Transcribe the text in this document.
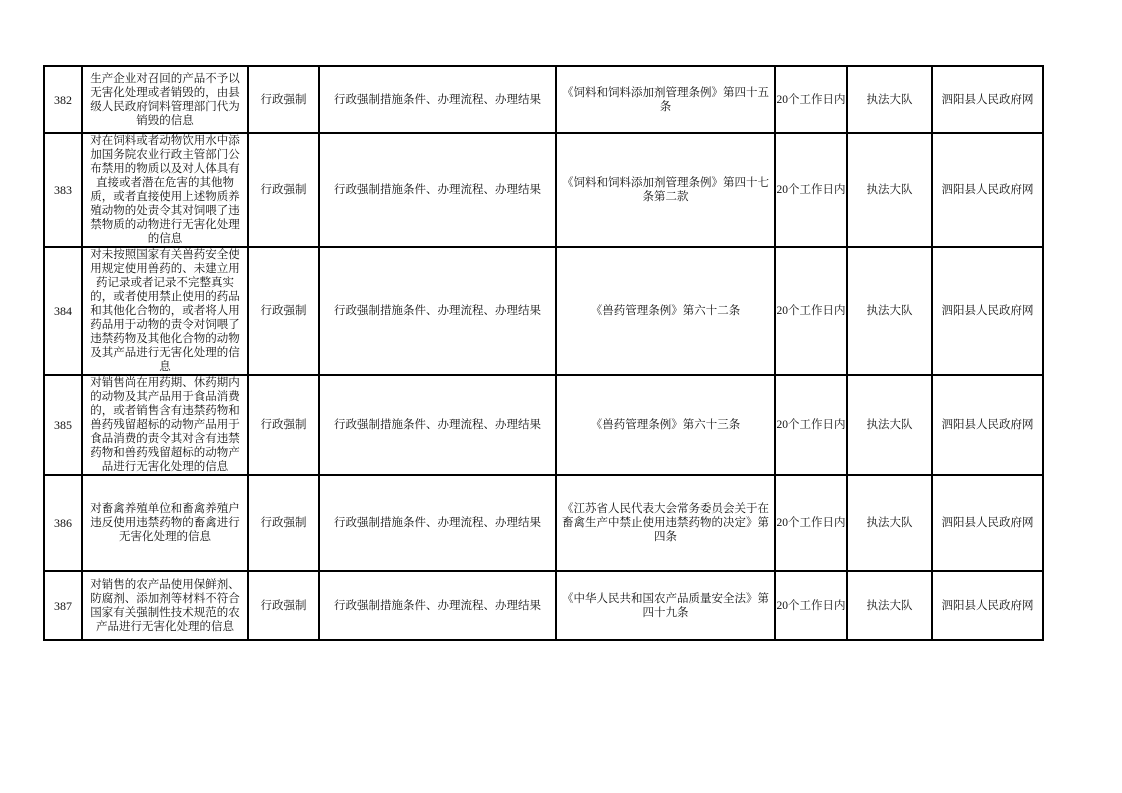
382	生产企业对召回的产品不予以无害化处理或者销毁的，由县级人民政府饲料管理部门代为销毁的信息	行政强制	行政强制措施条件、办理流程、办理结果	《饲料和饲料添加剂管理条例》第四十五条	20个工作日内	执法大队	泗阳县人民政府网
383	对在饲料或者动物饮用水中添加国务院农业行政主管部门公布禁用的物质以及对人体具有直接或者潜在危害的其他物质，或者直接使用上述物质养殖动物的处责令其对饲喂了违禁物质的动物进行无害化处理的信息	行政强制	行政强制措施条件、办理流程、办理结果	《饲料和饲料添加剂管理条例》第四十七条第二款	20个工作日内	执法大队	泗阳县人民政府网
384	对未按照国家有关兽药安全使用规定使用兽药的、未建立用药记录或者记录不完整真实的，或者使用禁止使用的药品和其他化合物的，或者将人用药品用于动物的责令对饲喂了违禁药物及其他化合物的动物及其产品进行无害化处理的信息	行政强制	行政强制措施条件、办理流程、办理结果	《兽药管理条例》第六十二条	20个工作日内	执法大队	泗阳县人民政府网
385	对销售尚在用药期、休药期内的动物及其产品用于食品消费的，或者销售含有违禁药物和兽药残留超标的动物产品用于食品消费的责令其对含有违禁药物和兽药残留超标的动物产品进行无害化处理的信息	行政强制	行政强制措施条件、办理流程、办理结果	《兽药管理条例》第六十三条	20个工作日内	执法大队	泗阳县人民政府网
386	对畜禽养殖单位和畜禽养殖户违反使用违禁药物的畜禽进行无害化处理的信息	行政强制	行政强制措施条件、办理流程、办理结果	《江苏省人民代表大会常务委员会关于在畜禽生产中禁止使用违禁药物的决定》第四条	20个工作日内	执法大队	泗阳县人民政府网
387	对销售的农产品使用保鲜剂、防腐剂、添加剂等材料不符合国家有关强制性技术规范的农产品进行无害化处理的信息	行政强制	行政强制措施条件、办理流程、办理结果	《中华人民共和国农产品质量安全法》第四十九条	20个工作日内	执法大队	泗阳县人民政府网
